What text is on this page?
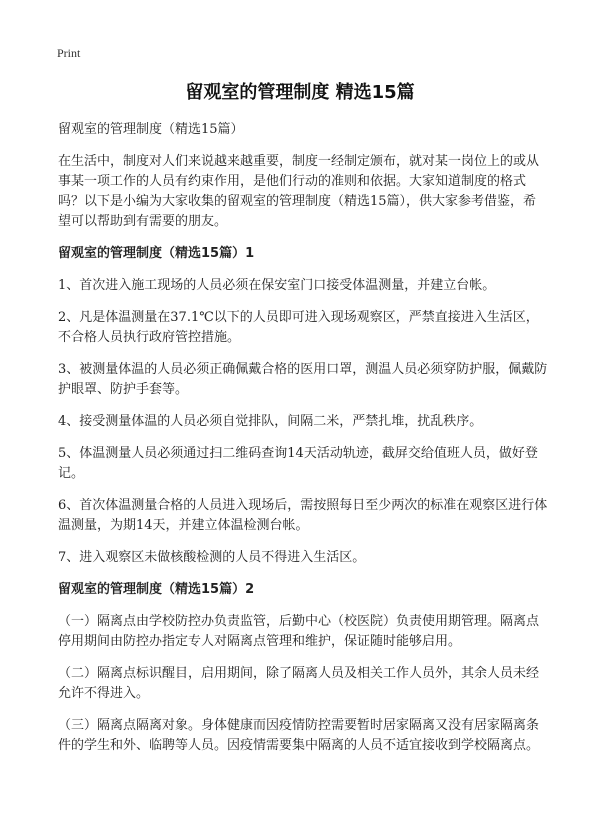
Print
留观室的管理制度 精选15篇
留观室的管理制度（精选15篇）
在生活中，制度对人们来说越来越重要，制度一经制定颁布，就对某一岗位上的或从事某一项工作的人员有约束作用，是他们行动的准则和依据。大家知道制度的格式吗？以下是小编为大家收集的留观室的管理制度（精选15篇），供大家参考借鉴，希望可以帮助到有需要的朋友。
留观室的管理制度（精选15篇）1
1、首次进入施工现场的人员必须在保安室门口接受体温测量，并建立台帐。
2、凡是体温测量在37.1℃以下的人员即可进入现场观察区，严禁直接进入生活区，不合格人员执行政府管控措施。
3、被测量体温的人员必须正确佩戴合格的医用口罩，测温人员必须穿防护服，佩戴防护眼罩、防护手套等。
4、接受测量体温的人员必须自觉排队，间隔二米，严禁扎堆，扰乱秩序。
5、体温测量人员必须通过扫二维码查询14天活动轨迹，截屏交给值班人员，做好登记。
6、首次体温测量合格的人员进入现场后，需按照每日至少两次的标准在观察区进行体温测量，为期14天，并建立体温检测台帐。
7、进入观察区未做核酸检测的人员不得进入生活区。
留观室的管理制度（精选15篇）2
（一）隔离点由学校防控办负责监管，后勤中心（校医院）负责使用期管理。隔离点停用期间由防控办指定专人对隔离点管理和维护，保证随时能够启用。
（二）隔离点标识醒目，启用期间，除了隔离人员及相关工作人员外，其余人员未经允许不得进入。
（三）隔离点隔离对象。身体健康而因疫情防控需要暂时居家隔离又没有居家隔离条件的学生和外、临聘等人员。因疫情需要集中隔离的人员不适宜接收到学校隔离点。
